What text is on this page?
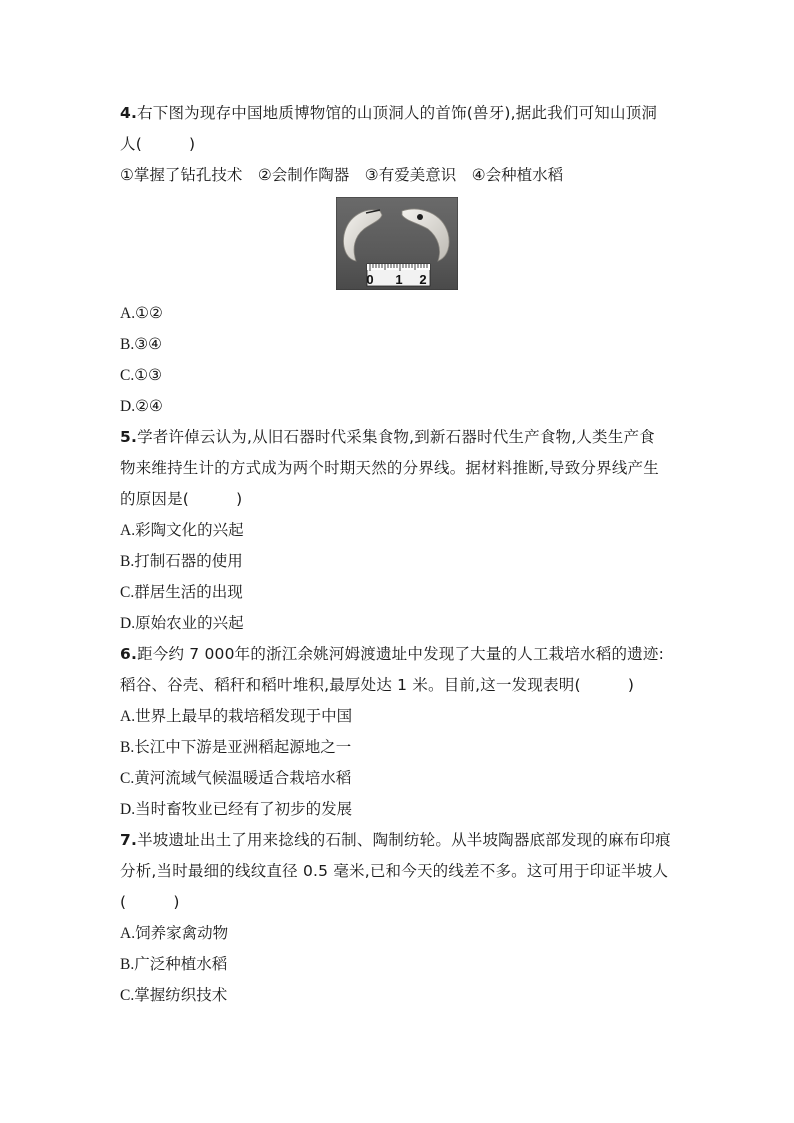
4.右下图为现存中国地质博物馆的山顶洞人的首饰(兽牙),据此我们可知山顶洞
人(　　　)
①掌握了钻孔技术　②会制作陶器　③有爱美意识　④会种植水稻
0 1 2
A.①②
B.③④
C.①③
D.②④
5.学者许倬云认为,从旧石器时代采集食物,到新石器时代生产食物,人类生产食
物来维持生计的方式成为两个时期天然的分界线。据材料推断,导致分界线产生
的原因是(　　　)
A.彩陶文化的兴起
B.打制石器的使用
C.群居生活的出现
D.原始农业的兴起
6.距今约 7 000年的浙江余姚河姆渡遗址中发现了大量的人工栽培水稻的遗迹:
稻谷、谷壳、稻秆和稻叶堆积,最厚处达 1 米。目前,这一发现表明(　　　)
A.世界上最早的栽培稻发现于中国
B.长江中下游是亚洲稻起源地之一
C.黄河流域气候温暖适合栽培水稻
D.当时畜牧业已经有了初步的发展
7.半坡遗址出土了用来捻线的石制、陶制纺轮。从半坡陶器底部发现的麻布印痕
分析,当时最细的线纹直径 0.5 毫米,已和今天的线差不多。这可用于印证半坡人
(　　　)
A.饲养家禽动物
B.广泛种植水稻
C.掌握纺织技术
